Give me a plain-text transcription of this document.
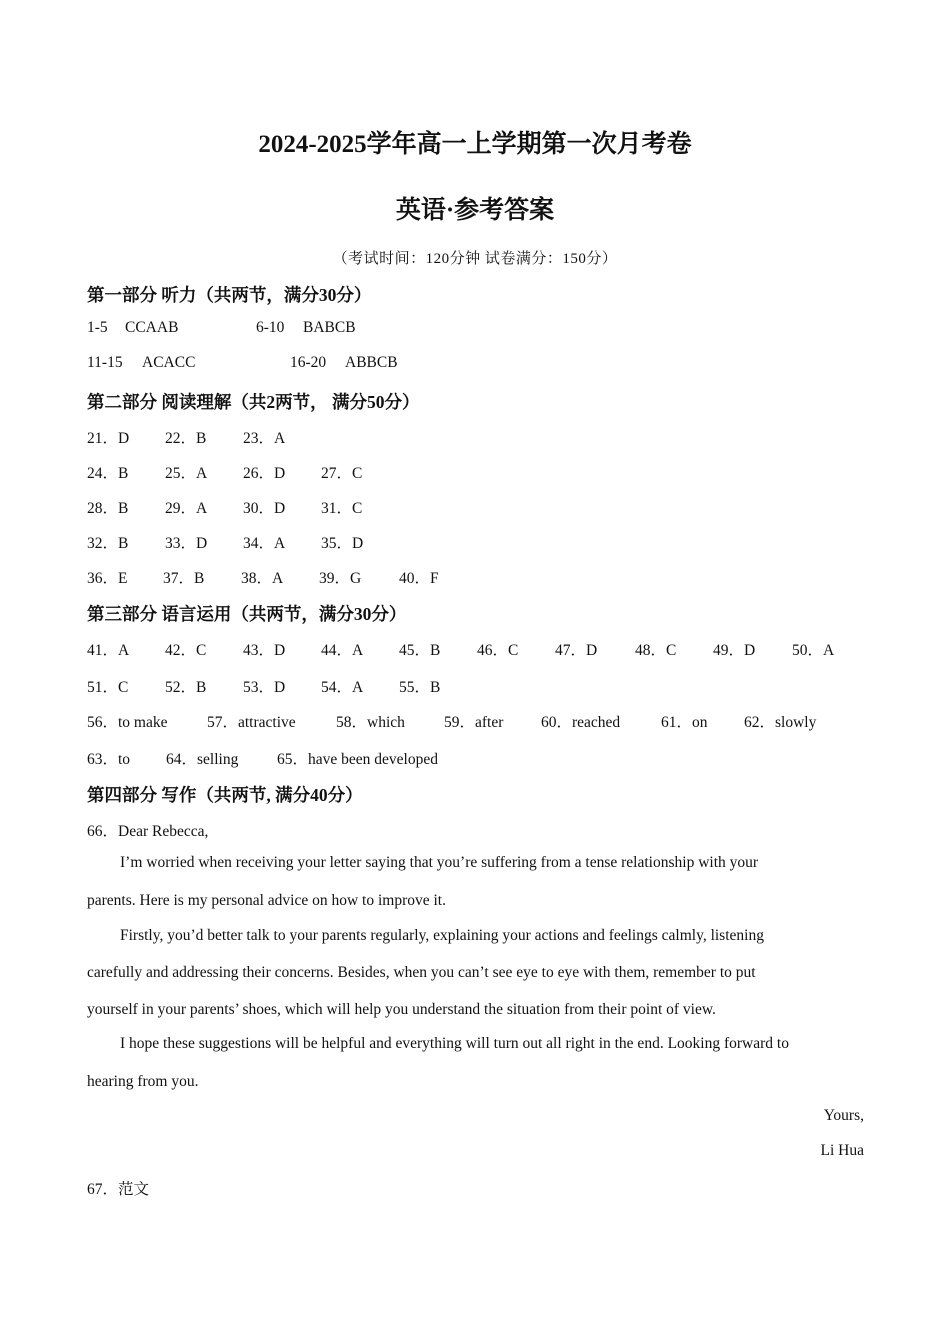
2024-2025学年高一上学期第一次月考卷
英语·参考答案
（考试时间：120分钟 试卷满分：150分）
第一部分 听力（共两节，满分30分）
1-5 CCAAB	6-10 BABCB
11-15 ACACC	16-20 ABBCB
第二部分 阅读理解（共2两节， 满分50分）
21．D 22．B 23．A
24．B 25．A 26．D 27．C
28．B 29．A 30．D 31．C
32．B 33．D 34．A 35．D
36．E 37．B 38．A 39．G 40．F
第三部分 语言运用（共两节，满分30分）
41．A 42．C 43．D 44．A 45．B 46．C 47．D 48．C 49．D 50．A
51．C 52．B 53．D 54．A 55．B
56．to make	57．attractive	58．which	59．after 60．reached	61．on 62．slowly
63．to 64．selling 65．have been developed
第四部分 写作（共两节, 满分40分）
66．Dear Rebecca,
I’m worried when receiving your letter saying that you’re suffering from a tense relationship with your
parents. Here is my personal advice on how to improve it.
Firstly, you’d better talk to your parents regularly, explaining your actions and feelings calmly, listening
carefully and addressing their concerns. Besides, when you can’t see eye to eye with them, remember to put
yourself in your parents’ shoes, which will help you understand the situation from their point of view.
I hope these suggestions will be helpful and everything will turn out all right in the end. Looking forward to
hearing from you.
Yours,
Li Hua
67．范文
